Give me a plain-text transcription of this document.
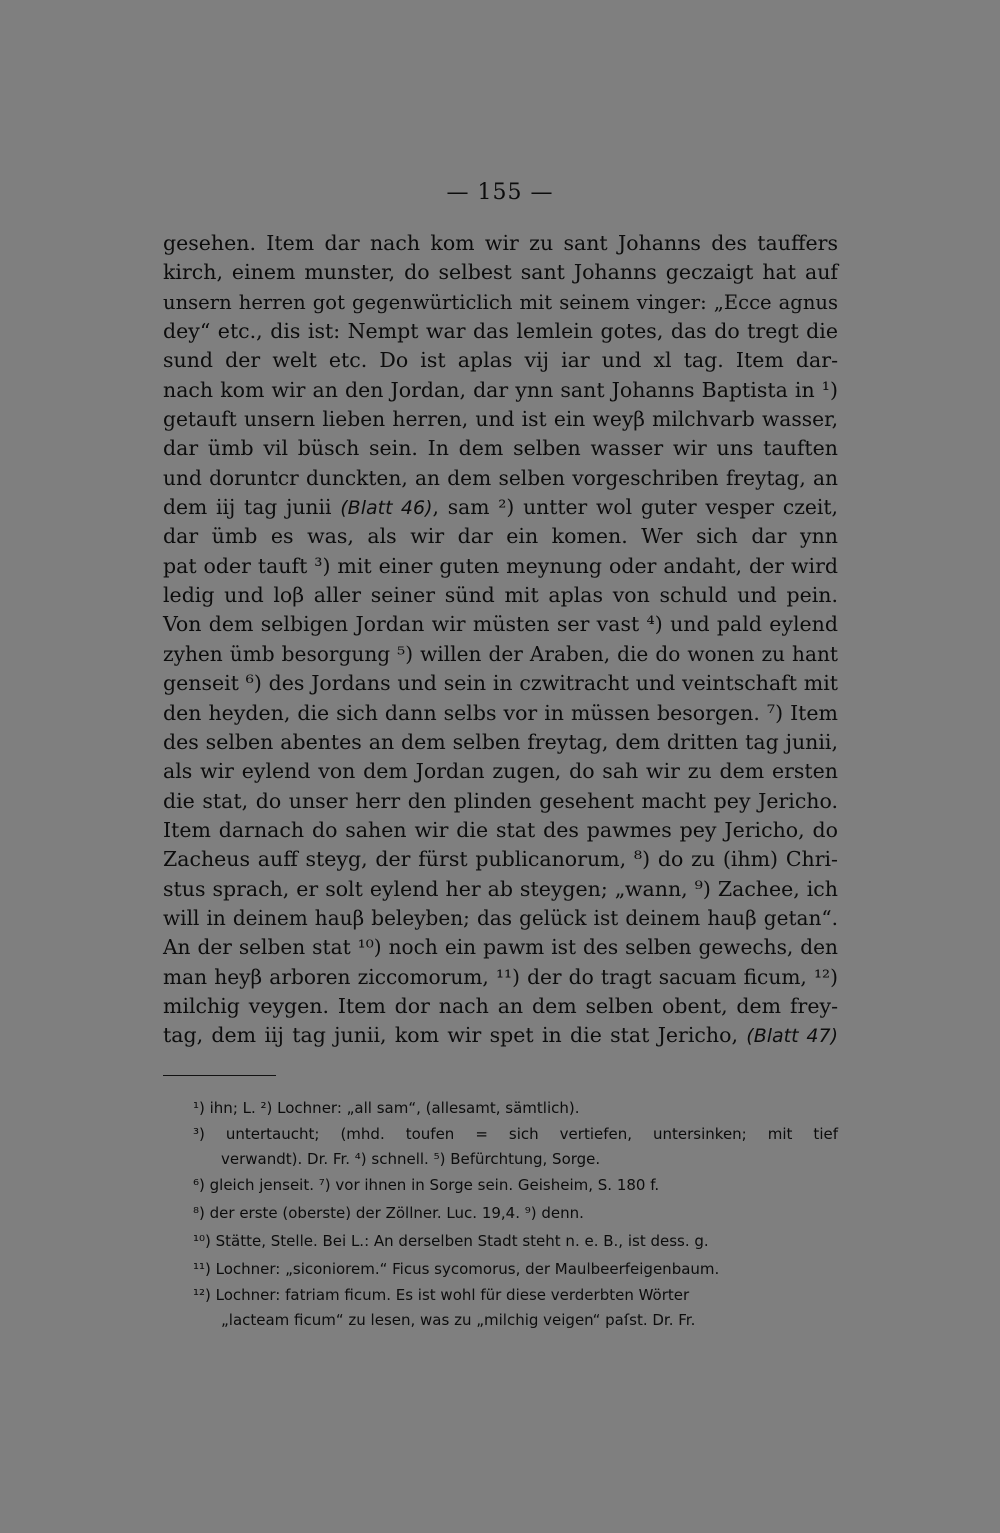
— 155 —
gesehen. Item dar nach kom wir zu sant Johanns des tauffers
kirch, einem munster, do selbest sant Johanns geczaigt hat auf
unsern herren got gegenwürticlich mit seinem vinger: „Ecce agnus
dey“ etc., dis ist: Nempt war das lemlein gotes, das do tregt die
sund der welt etc. Do ist aplas vij iar und xl tag. Item dar-
nach kom wir an den Jordan, dar ynn sant Johanns Baptista in ¹)
getauft unsern lieben herren, und ist ein weyβ milchvarb wasser,
dar ümb vil büsch sein. In dem selben wasser wir uns tauften
und doruntcr dunckten, an dem selben vorgeschriben freytag, an
dem iij tag junii (Blatt 46), sam ²) untter wol guter vesper czeit,
dar ümb es was, als wir dar ein komen. Wer sich dar ynn
pat oder tauft ³) mit einer guten meynung oder andaht, der wird
ledig und loβ aller seiner sünd mit aplas von schuld und pein.
Von dem selbigen Jordan wir müsten ser vast ⁴) und pald eylend
zyhen ümb besorgung ⁵) willen der Araben, die do wonen zu hant
genseit ⁶) des Jordans und sein in czwitracht und veintschaft mit
den heyden, die sich dann selbs vor in müssen besorgen. ⁷) Item
des selben abentes an dem selben freytag, dem dritten tag junii,
als wir eylend von dem Jordan zugen, do sah wir zu dem ersten
die stat, do unser herr den plinden gesehent macht pey Jericho.
Item darnach do sahen wir die stat des pawmes pey Jericho, do
Zacheus auff steyg, der fürst publicanorum, ⁸) do zu (ihm) Chri-
stus sprach, er solt eylend her ab steygen; „wann, ⁹) Zachee, ich
will in deinem hauβ beleyben; das gelück ist deinem hauβ getan“.
An der selben stat ¹⁰) noch ein pawm ist des selben gewechs, den
man heyβ arboren ziccomorum, ¹¹) der do tragt sacuam ficum, ¹²)
milchig veygen. Item dor nach an dem selben obent, dem frey-
tag, dem iij tag junii, kom wir spet in die stat Jericho, (Blatt 47)
¹) ihn; L. ²) Lochner: „all sam“, (allesamt, sämtlich).
³) untertaucht; (mhd. toufen = sich vertiefen, untersinken; mit tief
verwandt). Dr. Fr. ⁴) schnell. ⁵) Befürchtung, Sorge.
⁶) gleich jenseit. ⁷) vor ihnen in Sorge sein. Geisheim, S. 180 f.
⁸) der erste (oberste) der Zöllner. Luc. 19,4. ⁹) denn.
¹⁰) Stätte, Stelle. Bei L.: An derselben Stadt steht n. e. B., ist dess. g.
¹¹) Lochner: „siconiorem.“ Ficus sycomorus, der Maulbeerfeigenbaum.
¹²) Lochner: fatriam ficum. Es ist wohl für diese verderbten Wörter
„lacteam ficum“ zu lesen, was zu „milchig veigen“ paſst. Dr. Fr.
